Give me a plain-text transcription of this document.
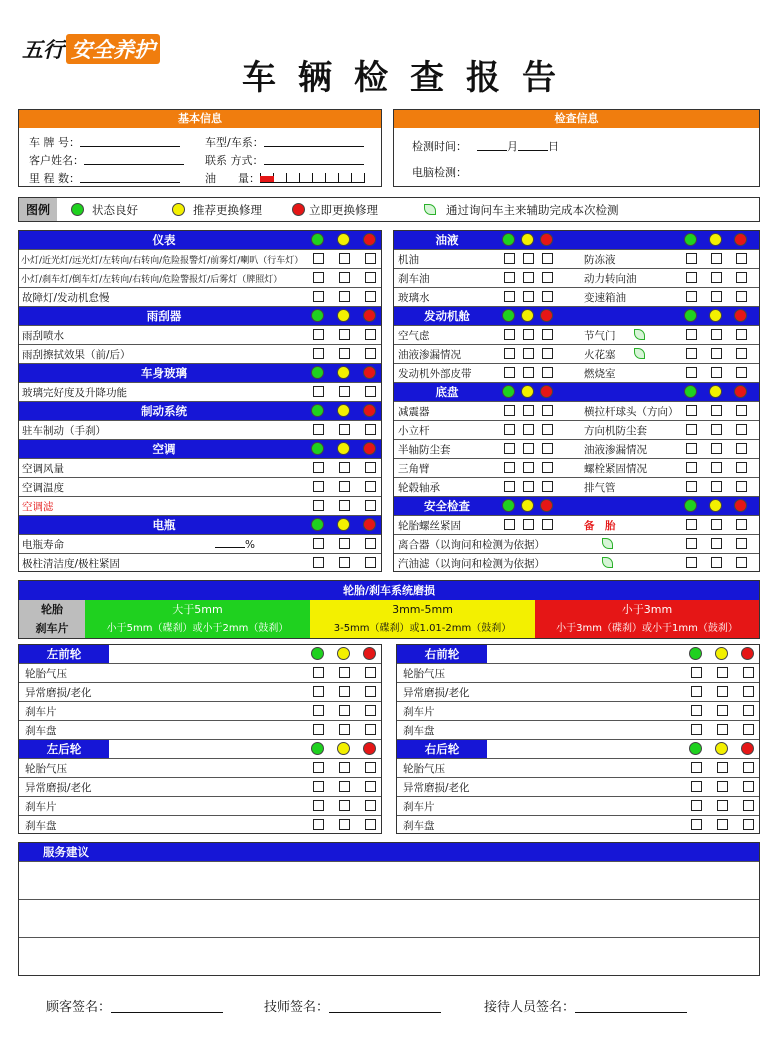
五行 安全养护
车辆检查报告
基本信息
车 牌 号：	车型/车系：
客户姓名：	联系 方式：
里 程 数：	油　　量：
检查信息
检测时间：	月	日
电脑检测：
图例	状态良好	推荐更换修理	立即更换修理	通过询问车主来辅助完成本次检测
仪表
小灯/近光灯/远光灯/左转向/右转向/危险报警灯/前雾灯/喇叭（行车灯）
小灯/刹车灯/倒车灯/左转向/右转向/危险警报灯/后雾灯（牌照灯）
故障灯/发动机怠慢
雨刮器
雨刮喷水
雨刮擦拭效果（前/后）
车身玻璃
玻璃完好度及升降功能
制动系统
驻车制动（手刹）
空调
空调风量
空调温度
空调滤
电瓶
电瓶寿命	%
极柱清洁度/极柱紧固
油液
机油	防冻液
刹车油	动力转向油
玻璃水	变速箱油
发动机舱
空气虑	节气门
油液渗漏情况	火花塞
发动机外部皮带	燃烧室
底盘
减震器	横拉杆球头（方向）
小立杆	方向机防尘套
半轴防尘套	油液渗漏情况
三角臂	螺栓紧固情况
轮毂轴承	排气管
安全检查
轮胎螺丝紧固	备　胎
离合器（以询问和检测为依据）
汽油滤（以询问和检测为依据）
轮胎/刹车系统磨损
轮胎	大于5mm	3mm-5mm	小于3mm
刹车片	小于5mm（碟刹）或小于2mm（鼓刹）	3-5mm（碟刹）或1.01-2mm（鼓刹）	小于3mm（碟刹）或小于1mm（鼓刹）
左前轮
轮胎气压
异常磨损/老化
刹车片
刹车盘
左后轮
轮胎气压
异常磨损/老化
刹车片
刹车盘
右前轮
轮胎气压
异常磨损/老化
刹车片
刹车盘
右后轮
轮胎气压
异常磨损/老化
刹车片
刹车盘
服务建议
顾客签名：	技师签名：	接待人员签名：
